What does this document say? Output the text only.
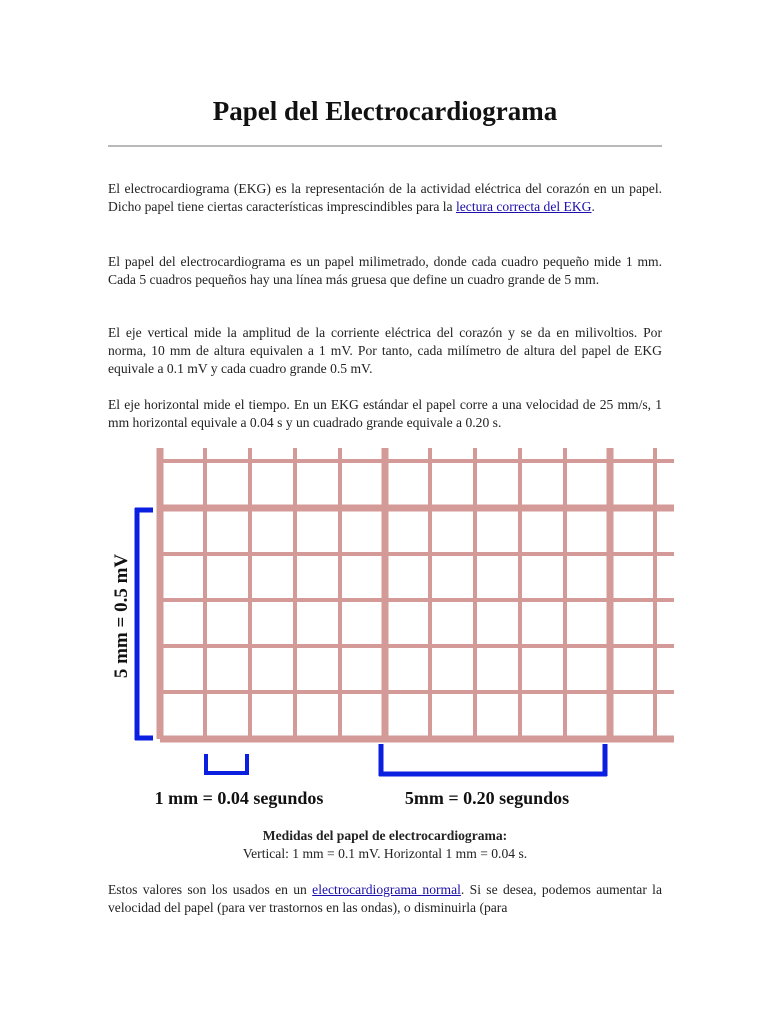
Papel del Electrocardiograma

El electrocardiograma (EKG) es la representación de la actividad eléctrica del corazón en un papel. Dicho papel tiene ciertas características imprescindibles para la lectura correcta del EKG.

El papel del electrocardiograma es un papel milimetrado, donde cada cuadro pequeño mide 1 mm. Cada 5 cuadros pequeños hay una línea más gruesa que define un cuadro grande de 5 mm.

El eje vertical mide la amplitud de la corriente eléctrica del corazón y se da en milivoltios. Por norma, 10 mm de altura equivalen a 1 mV. Por tanto, cada milímetro de altura del papel de EKG equivale a 0.1 mV y cada cuadro grande 0.5 mV.

El eje horizontal mide el tiempo. En un EKG estándar el papel corre a una velocidad de 25 mm/s, 1 mm horizontal equivale a 0.04 s y un cuadrado grande equivale a 0.20 s.

5 mm = 0.5 mV
1 mm = 0.04 segundos	5mm = 0.20 segundos
Medidas del papel de electrocardiograma:
Vertical: 1 mm = 0.1 mV. Horizontal 1 mm = 0.04 s.

Estos valores son los usados en un electrocardiograma normal. Si se desea, podemos aumentar la velocidad del papel (para ver trastornos en las ondas), o disminuirla (para
